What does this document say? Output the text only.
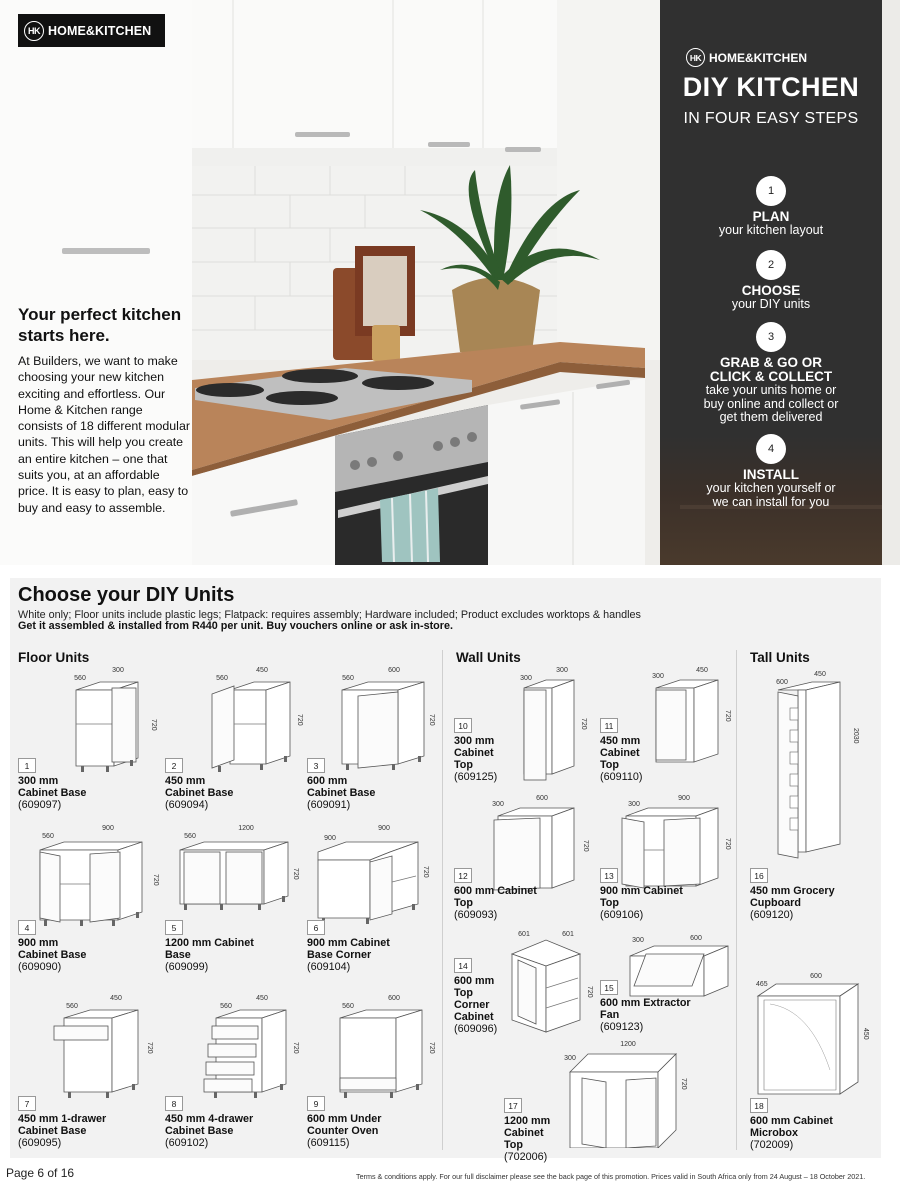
HK HOME&KITCHEN
Your perfect kitchen starts here.

At Builders, we want to make choosing your new kitchen exciting and effortless. Our Home & Kitchen range consists of 18 different modular units. This will help you create an entire kitchen – one that suits you, at an affordable price. It is easy to plan, easy to buy and easy to assemble.

HK HOME&KITCHEN
DIY KITCHEN
IN FOUR EASY STEPS
1
PLAN
your kitchen layout
2
CHOOSE
your DIY units
3
GRAB & GO OR CLICK & COLLECT
take your units home or buy online and collect or get them delivered
4
INSTALL
your kitchen yourself or we can install for you
Choose your DIY Units
White only; Floor units include plastic legs; Flatpack: requires assembly; Hardware included; Product excludes worktops & handles
Get it assembled & installed from R440 per unit. Buy vouchers online or ask in-store.
Floor Units	Wall Units	Tall Units
300
560
720
450
560
720
600
560
720
900
560
720
1200
560
720
900
900
720
450
560
720
450
560
720
600
560
720
300
300
720
450
300
720
600
300
720
900
300
720
601	601
720
600
300
1200
300
720
450
600
2030
600
465
450
1
300 mm Cabinet Base
(609097)
2
450 mm Cabinet Base
(609094)
3
600 mm Cabinet Base
(609091)
4
900 mm Cabinet Base
(609090)
5
1200 mm Cabinet Base
(609099)
6
900 mm Cabinet Base Corner
(609104)
7
450 mm 1-drawer Cabinet Base
(609095)
8
450 mm 4-drawer Cabinet Base
(609102)
9
600 mm Under Counter Oven
(609115)
10
300 mm Cabinet Top
(609125)
11
450 mm Cabinet Top
(609110)
12
600 mm Cabinet Top
(609093)
13
900 mm Cabinet Top
(609106)
14
600 mm Top Corner Cabinet
(609096)
15
600 mm Extractor Fan
(609123)
16
450 mm Grocery Cupboard
(609120)
17
1200 mm Cabinet Top
(702006)
18
600 mm Cabinet Microbox
(702009)
Page 6 of 16	Terms & conditions apply. For our full disclaimer please see the back page of this promotion. Prices valid in South Africa only from 24 August – 18 October 2021.
